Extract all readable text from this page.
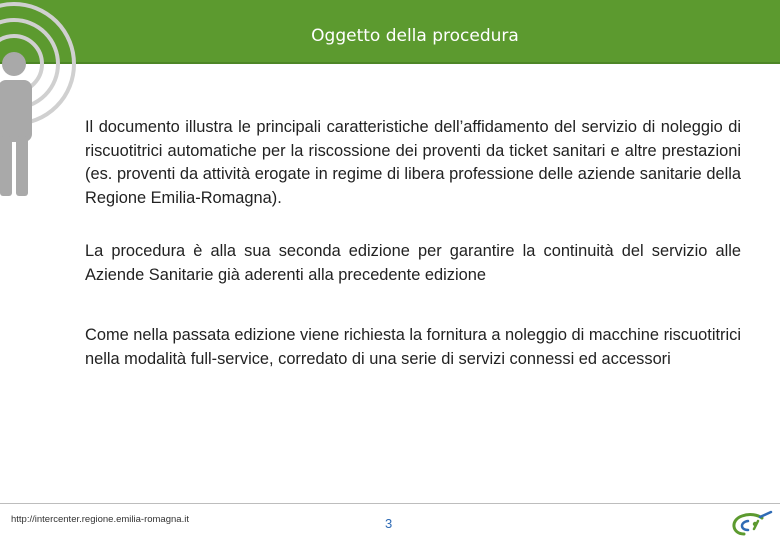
Oggetto della procedura

Il documento illustra le principali caratteristiche dell’affidamento del servizio di noleggio di riscuotitrici automatiche per la riscossione dei proventi da ticket sanitari e altre prestazioni (es. proventi da attività erogate in regime di libera professione delle aziende sanitarie della Regione Emilia-Romagna).

La procedura è alla sua seconda edizione per garantire la continuità del servizio alle Aziende Sanitarie già aderenti alla precedente edizione

Come nella passata edizione viene richiesta la fornitura a noleggio di macchine riscuotitrici nella modalità full-service, corredato di una serie di servizi connessi ed accessori

http://intercenter.regione.emilia-romagna.it	3
